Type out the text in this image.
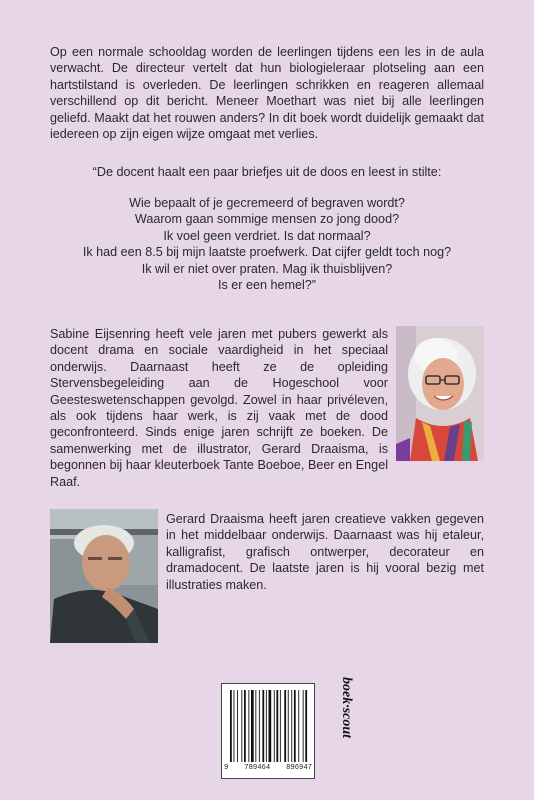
Op een normale schooldag worden de leerlingen tijdens een les in de aula verwacht. De directeur vertelt dat hun biologieleraar plotseling aan een hartstilstand is overleden. De leerlingen schrikken en reageren allemaal verschillend op dit bericht. Meneer Moethart was niet bij alle leerlingen geliefd. Maakt dat het rouwen anders? In dit boek wordt duidelijk gemaakt dat iedereen op zijn eigen wijze omgaat met verlies.

“De docent haalt een paar briefjes uit de doos en leest in stilte:

Wie bepaalt of je gecremeerd of begraven wordt?
Waarom gaan sommige mensen zo jong dood?
Ik voel geen verdriet. Is dat normaal?
Ik had een 8.5 bij mijn laatste proefwerk. Dat cijfer geldt toch nog?
Ik wil er niet over praten. Mag ik thuisblijven?
Is er een hemel?”

Sabine Eijsenring heeft vele jaren met pubers gewerkt als docent drama en sociale vaardigheid in het speciaal onderwijs. Daarnaast heeft ze de opleiding Stervensbegeleiding aan de Hogeschool voor Geesteswetenschappen gevolgd. Zowel in haar privéleven, als ook tijdens haar werk, is zij vaak met de dood geconfronteerd. Sinds enige jaren schrijft ze boeken. De samenwerking met de illustrator, Gerard Draaisma, is begonnen bij haar kleuterboek Tante Boeboe, Beer en Engel Raaf.

Gerard Draaisma heeft jaren creatieve vakken gegeven in het middelbaar onderwijs. Daarnaast was hij etaleur, kalligrafist, grafisch ontwerper, decorateur en dramadocent. De laatste jaren is hij vooral bezig met illustraties maken.

9 789464 896947
boek·scout
